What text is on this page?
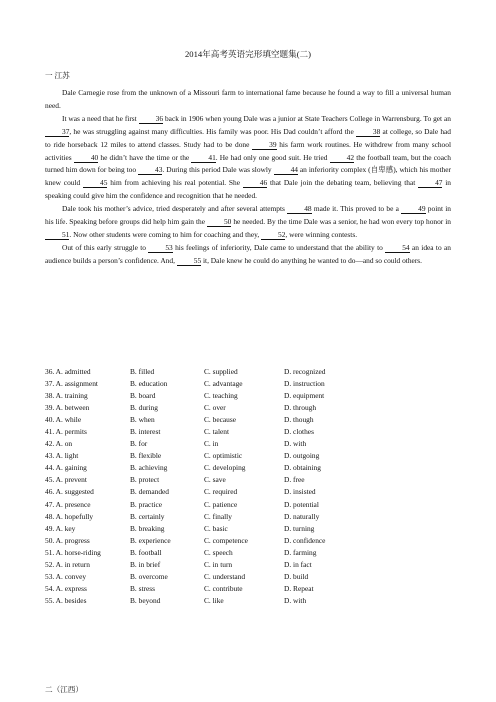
2014年高考英语完形填空题集(二)
一 江苏

Dale Carnegie rose from the unknown of a Missouri farm to international fame because he found a way to fill a universal human need.

It was a need that he first 36 back in 1906 when young Dale was a junior at State Teachers College in Warrensburg. To get an 37, he was struggling against many difficulties. His family was poor. His Dad couldn’t afford the 38 at college, so Dale had to ride horseback 12 miles to attend classes. Study had to be done 39 his farm work routines. He withdrew from many school activities 40 he didn’t have the time or the 41. He had only one good suit. He tried 42 the football team, but the coach turned him down for being too 43. During this period Dale was slowly 44 an inferiority complex (自卑感), which his mother knew could 45 him from achieving his real potential. She 46 that Dale join the debating team, believing that 47 in speaking could give him the confidence and recognition that he needed.

Dale took his mother’s advice, tried desperately and after several attempts 48 made it. This proved to be a 49 point in his life. Speaking before groups did help him gain the 50 he needed. By the time Dale was a senior, he had won every top honor in 51. Now other students were coming to him for coaching and they, 52, were winning contests.

Out of this early struggle to 53 his feelings of inferiority, Dale came to understand that the ability to 54 an idea to an audience builds a person’s confidence. And, 55 it, Dale knew he could do anything he wanted to do—and so could others.

36. A. admitted	B. filled	C. supplied	D. recognized
37. A. assignment	B. education	C. advantage	D. instruction
38. A. training	B. board	C. teaching	D. equipment
39. A. between	B. during	C. over	D. through
40. A. while	B. when	C. because	D. though
41. A. permits	B. interest	C. talent	D. clothes
42. A. on	B. for	C. in	D. with
43. A. light	B. flexible	C. optimistic	D. outgoing
44. A. gaining	B. achieving	C. developing	D. obtaining
45. A. prevent	B. protect	C. save	D. free
46. A. suggested	B. demanded	C. required	D. insisted
47. A. presence	B. practice	C. patience	D. potential
48. A. hopefully	B. certainly	C. finally	D. naturally
49. A. key	B. breaking	C. basic	D. turning
50. A. progress	B. experience	C. competence	D. confidence
51. A. horse-riding	B. football	C. speech	D. farming
52. A. in return	B. in brief	C. in turn	D. in fact
53. A. convey	B. overcome	C. understand	D. build
54. A. express	B. stress	C. contribute	D. Repeat
55. A. besides	B. beyond	C. like	D. with
二（江西）
